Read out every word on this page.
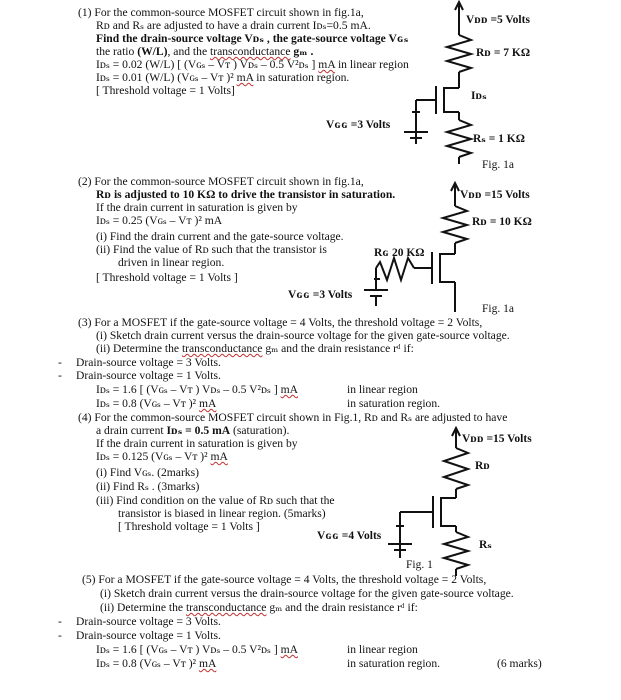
(1) For the common-source MOSFET circuit shown in fig.1a,
Rᴅ and Rₛ are adjusted to have a drain current Iᴅₛ=0.5 mA.
Find the drain-source voltage Vᴅₛ , the gate-source voltage Vɢₛ
the ratio (W/L), and the transconductance gₘ .
Iᴅₛ = 0.02 (W/L) [ (Vɢₛ – Vᴛ ) Vᴅₛ – 0.5 V²ᴅₛ ] mA in linear region
Iᴅₛ = 0.01 (W/L) (Vɢₛ – Vᴛ )² mA in saturation region.
[ Threshold voltage = 1 Volts]
Vᴅᴅ =5 Volts
Rᴅ = 7 KΩ
Iᴅₛ
Vɢɢ =3 Volts
Rₛ = 1 KΩ
Fig. 1a
(2) For the common-source MOSFET circuit shown in fig.1a,
Rᴅ is adjusted to 10 KΩ to drive the transistor in saturation.
If the drain current in saturation is given by
Iᴅₛ = 0.25 (Vɢₛ – Vᴛ )² mA
(i) Find the drain current and the gate-source voltage.
(ii) Find the value of Rᴅ such that the transistor is
driven in linear region.
[ Threshold voltage = 1 Volts ]
Vᴅᴅ =15 Volts
Rᴅ = 10 KΩ
Rɢ 20 KΩ
Vɢɢ =3 Volts
Fig. 1a
(3) For a MOSFET if the gate-source voltage = 4 Volts, the threshold voltage = 2 Volts,
(i) Sketch drain current versus the drain-source voltage for the given gate-source voltage.
(ii) Determine the transconductance gₘ and the drain resistance rᵈ if:
- Drain-source voltage = 3 Volts.
- Drain-source voltage = 1 Volts.
Iᴅₛ = 1.6 [ (Vɢₛ – Vᴛ ) Vᴅₛ – 0.5 V²ᴅₛ ] mA	in linear region
Iᴅₛ = 0.8 (Vɢₛ – Vᴛ )² mA	in saturation region.
(4) For the common-source MOSFET circuit shown in Fig.1, Rᴅ and Rₛ are adjusted to have
a drain current Iᴅₛ = 0.5 mA (saturation).
If the drain current in saturation is given by
Iᴅₛ = 0.125 (Vɢₛ – Vᴛ )² mA
(i) Find Vɢₛ. (2marks)
(ii) Find Rₛ . (3marks)
(iii) Find condition on the value of Rᴅ such that the
transistor is biased in linear region. (5marks)
[ Threshold voltage = 1 Volts ]
Vᴅᴅ =15 Volts
Rᴅ
Vɢɢ =4 Volts
Rₛ
Fig. 1
(5) For a MOSFET if the gate-source voltage = 4 Volts, the threshold voltage = 2 Volts,
(i) Sketch drain current versus the drain-source voltage for the given gate-source voltage.
(ii) Determine the transconductance gₘ and the drain resistance rᵈ if:
- Drain-source voltage = 3 Volts.
- Drain-source voltage = 1 Volts.
Iᴅₛ = 1.6 [ (Vɢₛ – Vᴛ ) Vᴅₛ – 0.5 V²ᴅₛ ] mA	in linear region
Iᴅₛ = 0.8 (Vɢₛ – Vᴛ )² mA	in saturation region.	(6 marks)
